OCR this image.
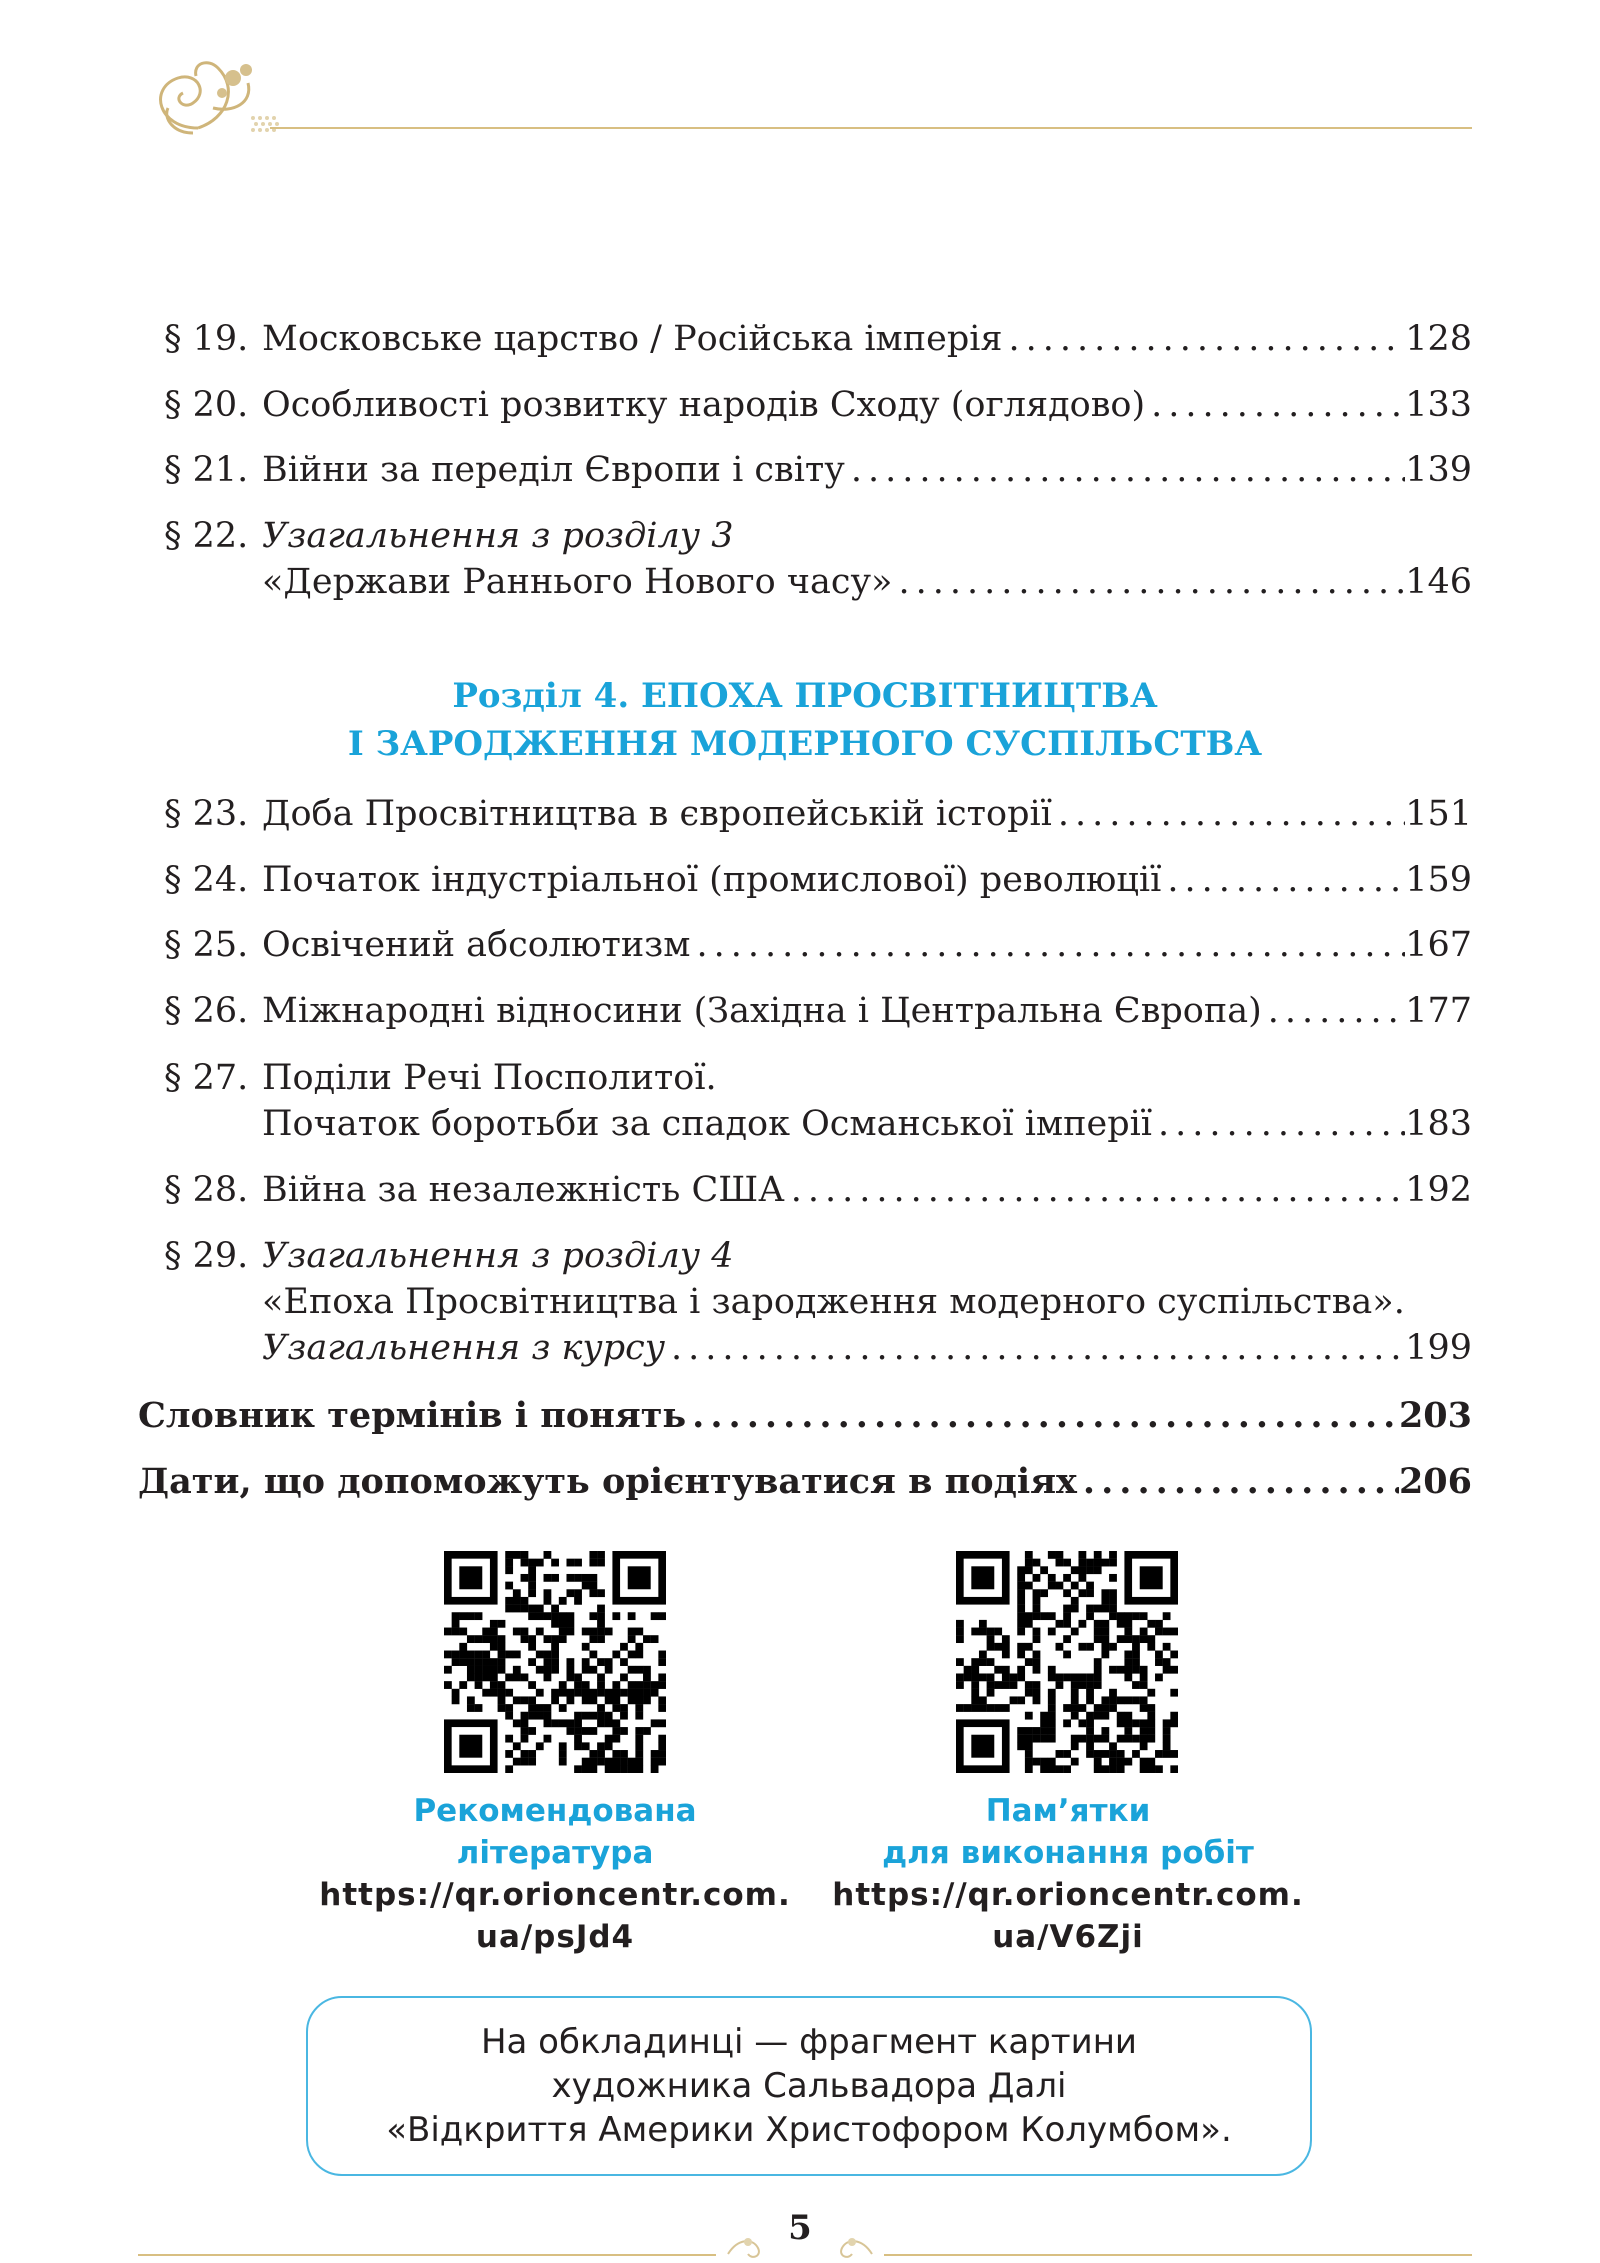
§ 19. Московське царство / Російська імперія .....	128
§ 20. Особливості розвитку народів Сходу (оглядово) .....	133
§ 21. Війни за переділ Європи і світу .....	139
§ 22. Узагальнення з розділу 3
«Держави Раннього Нового часу» .....	146
Розділ 4. ЕПОХА ПРОСВІТНИЦТВА
І ЗАРОДЖЕННЯ МОДЕРНОГО СУСПІЛЬСТВА
§ 23. Доба Просвітництва в європейській історії .....	151
§ 24. Початок індустріальної (промислової) революції .....	159
§ 25. Освічений абсолютизм .....	167
§ 26. Міжнародні відносини (Західна і Центральна Європа) .....	177
§ 27. Поділи Речі Посполитої.
Початок боротьби за спадок Османської імперії .....	183
§ 28. Війна за незалежність США .....	192
§ 29. Узагальнення з розділу 4
«Епоха Просвітництва і зародження модерного суспільства».
Узагальнення з курсу .....	199
Словник термінів і понять .....	203
Дати, що допоможуть орієнтуватися в подіях .....	206
Рекомендована
література
https://qr.orioncentr.com.
ua/psJd4
Пам’ятки
для виконання робіт
https://qr.orioncentr.com.
ua/V6Zji
На обкладинці — фрагмент картини
художника Сальвадора Далі
«Відкриття Америки Христофором Колумбом».
5
